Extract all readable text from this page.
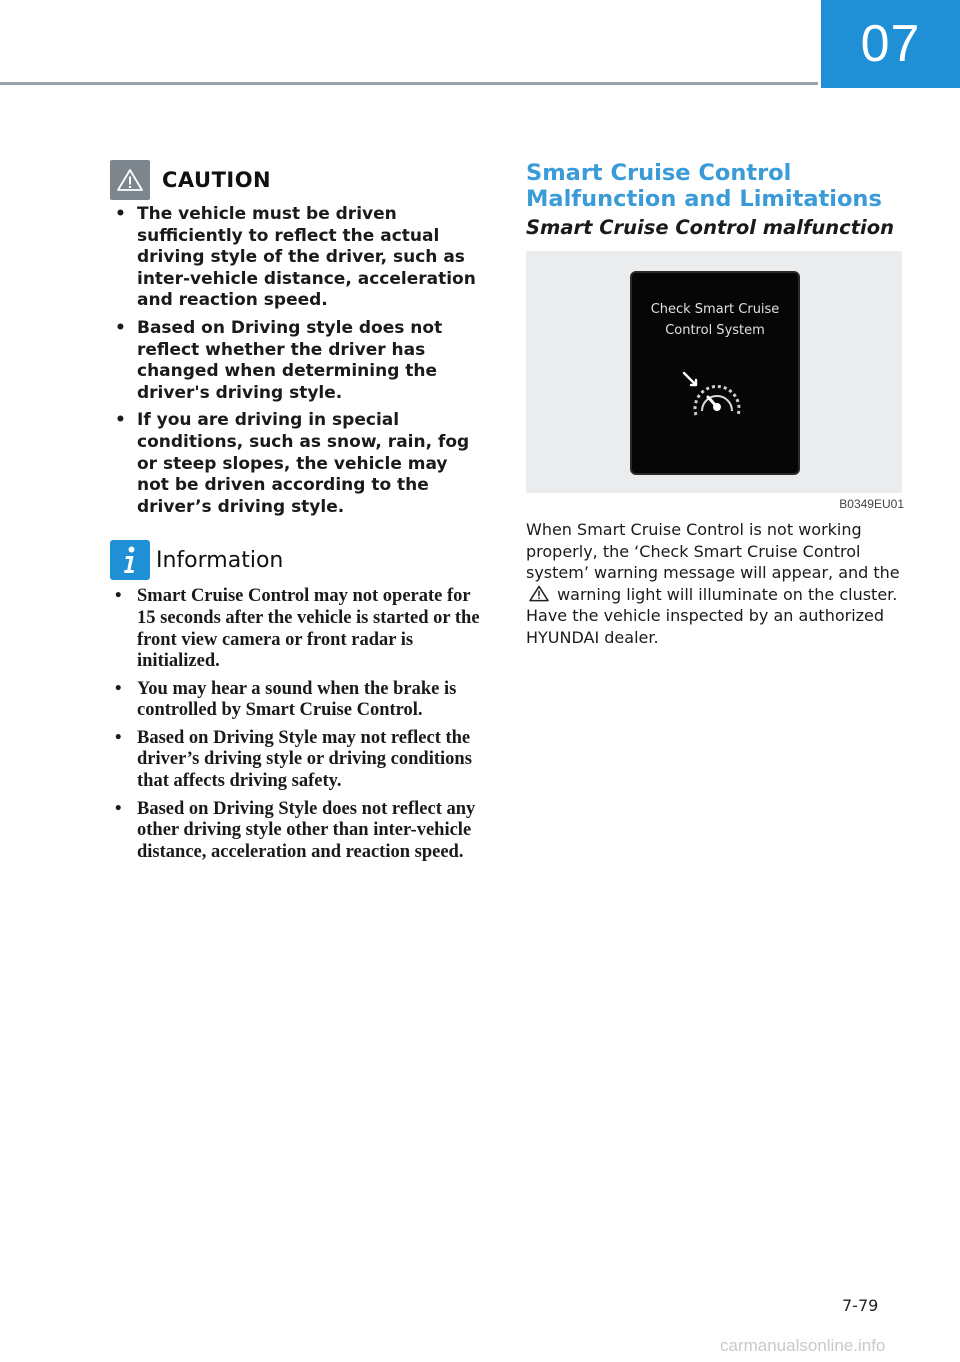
07
CAUTION
• The vehicle must be driven sufficiently to reflect the actual driving style of the driver, such as inter-vehicle distance, acceleration and reaction speed.
• Based on Driving style does not reflect whether the driver has changed when determining the driver's driving style.
• If you are driving in special conditions, such as snow, rain, fog or steep slopes, the vehicle may not be driven according to the driver’s driving style.
Information
• Smart Cruise Control may not operate for 15 seconds after the vehicle is started or the front view camera or front radar is initialized.
• You may hear a sound when the brake is controlled by Smart Cruise Control.
• Based on Driving Style may not reflect the driver’s driving style or driving conditions that affects driving safety.
• Based on Driving Style does not reflect any other driving style other than inter-vehicle distance, acceleration and reaction speed.
Smart Cruise Control
Malfunction and Limitations
Smart Cruise Control malfunction
Check Smart Cruise
Control System
B0349EU01

When Smart Cruise Control is not working properly, the ‘Check Smart Cruise Control system’ warning message will appear, and the  warning light will illuminate on the cluster. Have the vehicle inspected by an authorized HYUNDAI dealer.

7-79
carmanualsonline.info
